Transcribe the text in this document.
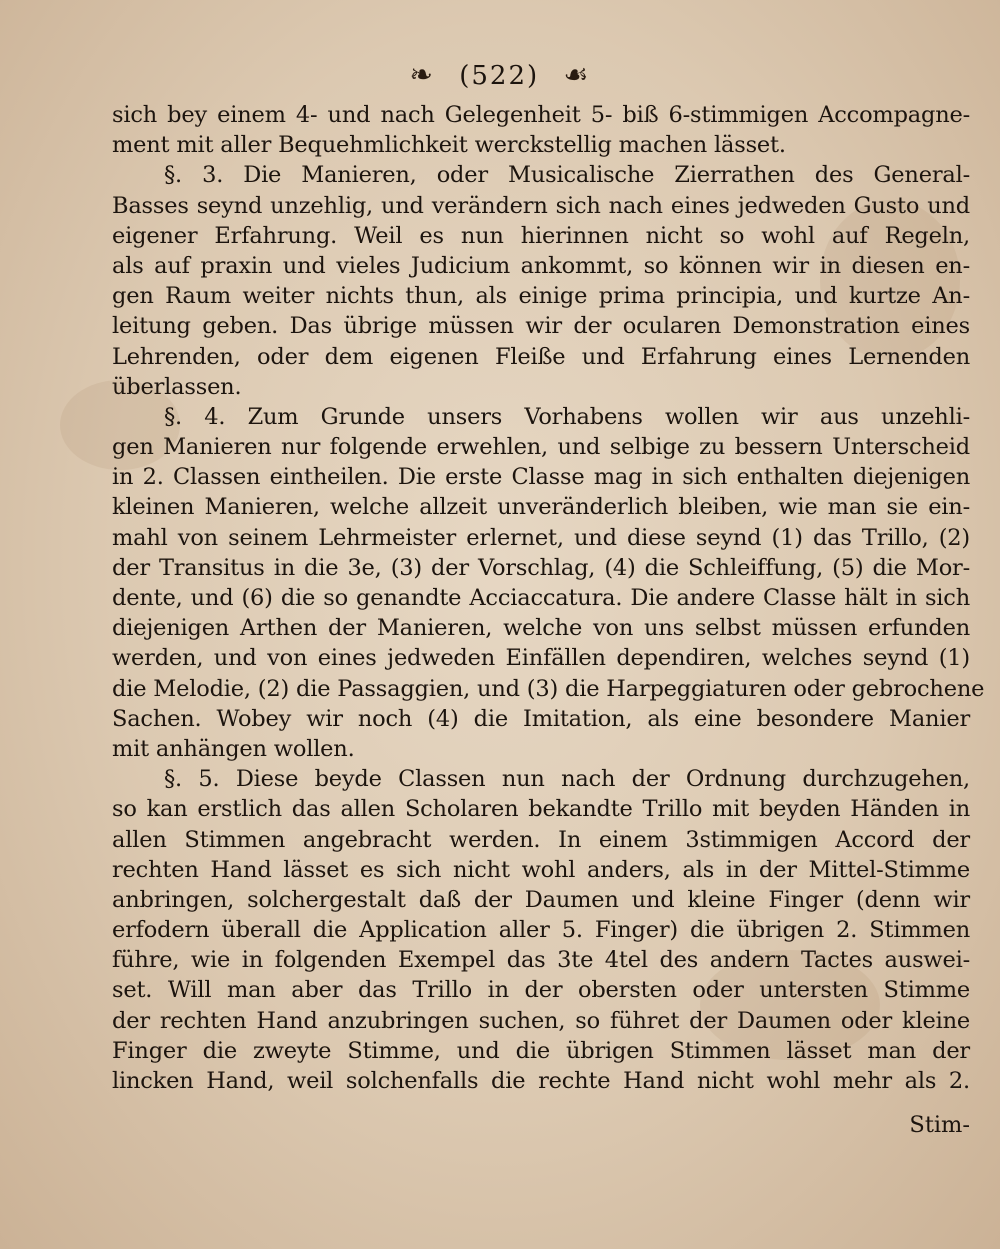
❧ (522) ☙
sich bey einem 4- und nach Gelegenheit 5- biß 6-stimmigen Accompagne-
ment mit aller Bequehmlichkeit werckstellig machen lässet.
§. 3. Die Manieren, oder Musicalische Zierrathen des General-
Basses seynd unzehlig, und verändern sich nach eines jedweden Gusto und
eigener Erfahrung. Weil es nun hierinnen nicht so wohl auf Regeln,
als auf praxin und vieles Judicium ankommt, so können wir in diesen en-
gen Raum weiter nichts thun, als einige prima principia, und kurtze An-
leitung geben. Das übrige müssen wir der ocularen Demonstration eines
Lehrenden, oder dem eigenen Fleiße und Erfahrung eines Lernenden
überlassen.
§. 4. Zum Grunde unsers Vorhabens wollen wir aus unzehli-
gen Manieren nur folgende erwehlen, und selbige zu bessern Unterscheid
in 2. Classen eintheilen. Die erste Classe mag in sich enthalten diejenigen
kleinen Manieren, welche allzeit unveränderlich bleiben, wie man sie ein-
mahl von seinem Lehrmeister erlernet, und diese seynd (1) das Trillo, (2)
der Transitus in die 3e, (3) der Vorschlag, (4) die Schleiffung, (5) die Mor-
dente, und (6) die so genandte Acciaccatura. Die andere Classe hält in sich
diejenigen Arthen der Manieren, welche von uns selbst müssen erfunden
werden, und von eines jedweden Einfällen dependiren, welches seynd (1)
die Melodie, (2) die Passaggien, und (3) die Harpeggiaturen oder gebrochene
Sachen. Wobey wir noch (4) die Imitation, als eine besondere Manier
mit anhängen wollen.
§. 5. Diese beyde Classen nun nach der Ordnung durchzugehen,
so kan erstlich das allen Scholaren bekandte Trillo mit beyden Händen in
allen Stimmen angebracht werden. In einem 3stimmigen Accord der
rechten Hand lässet es sich nicht wohl anders, als in der Mittel-Stimme
anbringen, solchergestalt daß der Daumen und kleine Finger (denn wir
erfodern überall die Application aller 5. Finger) die übrigen 2. Stimmen
führe, wie in folgenden Exempel das 3te 4tel des andern Tactes auswei-
set. Will man aber das Trillo in der obersten oder untersten Stimme
der rechten Hand anzubringen suchen, so führet der Daumen oder kleine
Finger die zweyte Stimme, und die übrigen Stimmen lässet man der
lincken Hand, weil solchenfalls die rechte Hand nicht wohl mehr als 2.
Stim-
